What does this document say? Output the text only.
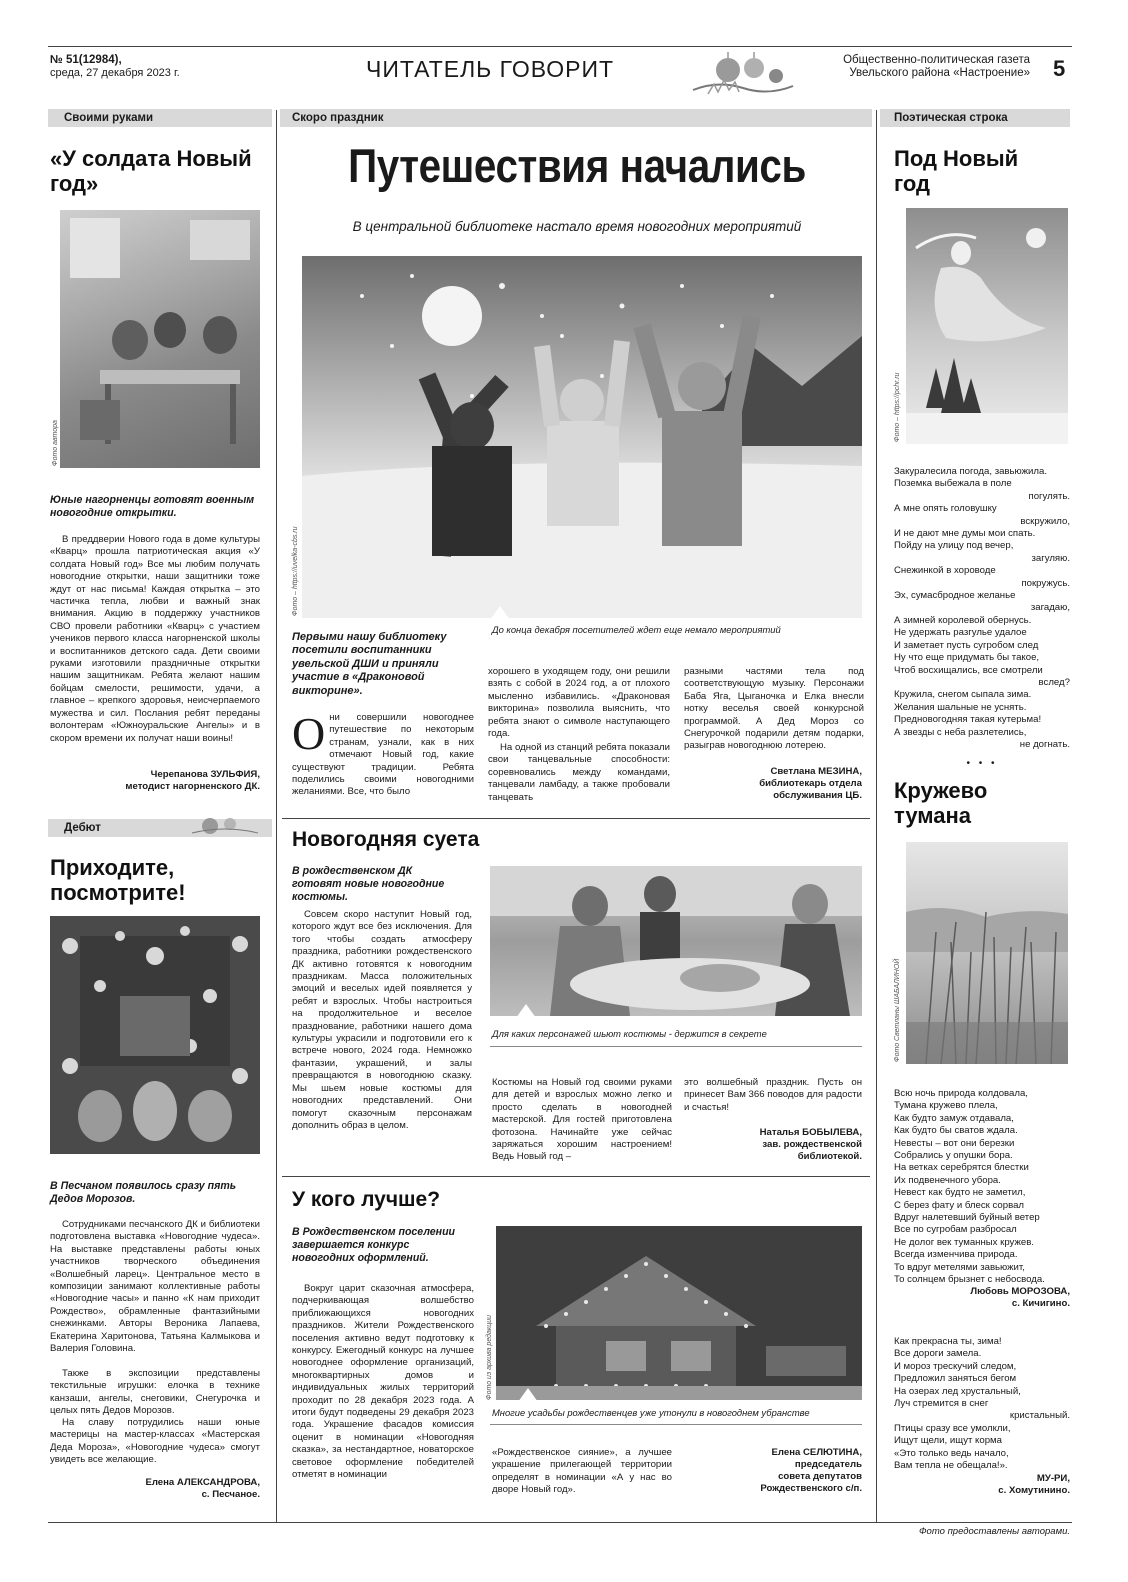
№ 51(12984),
среда, 27 декабря 2023 г.	ЧИТАТЕЛЬ ГОВОРИТ	Общественно-политическая газета
Увельского района «Настроение» 5
Своими руками
«У солдата Новый год»
Фото автора
Юные нагорненцы готовят военным новогодние открытки.

В преддверии Нового года в доме культуры «Кварц» прошла патриотическая акция «У солдата Новый год» Все мы любим получать новогодние открытки, наши защитники тоже ждут от нас письма! Каждая открытка – это частичка тепла, любви и важный знак внимания. Акцию в поддержку участников СВО провели работники «Кварц» с участием учеников первого класса нагорненской школы и воспитанников детского сада. Дети своими руками изготовили праздничные открытки нашим защитникам. Ребята желают нашим бойцам смелости, решимости, удачи, а главное – крепкого здоровья, неисчерпаемого мужества и сил. Послания ребят переданы волонтерам «Южноуральские Ангелы» и в скором времени их получат наши воины!

Черепанова ЗУЛЬФИЯ,
методист нагорненского ДК.
Дебют
Приходите, посмотрите!
В Песчаном появилось сразу пять Дедов Морозов.

Сотрудниками песчанского ДК и библиотеки подготовлена выставка «Новогодние чудеса». На выставке представлены работы юных участников творческого объединения «Волшебный ларец». Центральное место в композиции занимают коллективные работы «Новогодние часы» и панно «К нам приходит Рождество», обрамленные фантазийными снежинками. Авторы Вероника Лапаева, Екатерина Харитонова, Татьяна Калмыкова и Валерия Головина.

Также в экспозиции представлены текстильные игрушки: елочка в технике канзаши, ангелы, снеговики, Снегурочка и целых пять Дедов Морозов.

На славу потрудились наши юные мастерицы на мастер-классах «Мастерская Деда Мороза», «Новогодние чудеса» смогут увидеть все желающие.

Елена АЛЕКСАНДРОВА,
с. Песчаное.
Скоро праздник
Путешествия начались
В центральной библиотеке настало время новогодних мероприятий
Фото – https://uvelka-cbs.ru
До конца декабря посетителей ждет еще немало мероприятий
Первыми нашу библиотеку посетили воспитанники увельской ДШИ и приняли участие в «Драконовой викторине».
О ни совершили новогоднее путешествие по некоторым странам, узнали, как в них отмечают Новый год, какие существуют традиции. Ребята поделились своими новогодними желаниями. Все, что было

хорошего в уходящем году, они решили взять с собой в 2024 год, а от плохого мысленно избавились. «Драконовая викторина» позволила выяснить, что ребята знают о символе наступающего года.

На одной из станций ребята показали свои танцевальные способности: соревновались между командами, танцевали ламбаду, а также пробовали танцевать

разными частями тела под соответствующую музыку. Персонажи Баба Яга, Цыганочка и Елка внесли нотку веселья своей конкурсной программой. А Дед Мороз со Снегурочкой подарили детям подарки, разыграв новогоднюю лотерею.

Светлана МЕЗИНА,
библиотекарь отдела
обслуживания ЦБ.
Новогодняя суета
В рождественском ДК готовят новые новогодние костюмы.
Для каких персонажей шьют костюмы - держится в секрете

Совсем скоро наступит Новый год, которого ждут все без исключения. Для того чтобы создать атмосферу праздника, работники рождественского ДК активно готовятся к новогодним праздникам. Масса положительных эмоций и веселых идей появляется у ребят и взрослых. Чтобы настроиться на продолжительное и веселое празднование, работники нашего дома культуры украсили и подготовили его к встрече нового, 2024 года. Немножко фантазии, украшений, и залы превращаются в новогоднюю сказку. Мы шьем новые костюмы для новогодних представлений. Они помогут сказочным персонажам дополнить образ в целом.

Костюмы на Новый год своими руками для детей и взрослых можно легко и просто сделать в новогодней мастерской. Для гостей приготовлена фотозона. Начинайте уже сейчас заряжаться хорошим настроением! Ведь Новый год –

это волшебный праздник. Пусть он принесет Вам 366 поводов для радости и счастья!

Наталья БОБЫЛЕВА,
зав. рождественской
библиотекой.
У кого лучше?
В Рождественском поселении завершается конкурс новогодних оформлений.
Фото из архива редакции
Многие усадьбы рождественцев уже утонули в новогоднем убранстве

Вокруг царит сказочная атмосфера, подчеркивающая волшебство приближающихся новогодних праздников. Жители Рождественского поселения активно ведут подготовку к конкурсу. Ежегодный конкурс на лучшее новогоднее оформление организаций, многоквартирных домов и индивидуальных жилых территорий проходит по 28 декабря 2023 года. А итоги будут подведены 29 декабря 2023 года. Украшение фасадов комиссия оценит в номинации «Новогодняя сказка», за нестандартное, новаторское световое оформление победителей отметят в номинации

«Рождественское сияние», а лучшее украшение прилегающей территории определят в номинации «А у нас во дворе Новый год».

Елена СЕЛЮТИНА,
председатель
совета депутатов
Рождественского с/п.
Поэтическая строка
Под Новый год
Фото – https://pchr.ru

Закуралесила погода, завьюжила.

Поземка выбежала в поле

погулять.

А мне опять головушку

вскружило,

И не дают мне думы мои спать.

Пойду на улицу под вечер,

загуляю.

Снежинкой в хороводе

покружусь.

Эх, сумасбродное желанье

загадаю,

А зимней королевой обернусь.

Не удержать разгулье удалое

И заметает пусть сугробом след

Ну что еще придумать бы такое,

Чтоб восхищались, все смотрели

вслед?

Кружила, снегом сыпала зима.

Желания шальные не уснять.

Предновогодняя такая кутерьма!

А звезды с неба разлетелись,

не догнать.

• • •
Кружево тумана
Фото Светланы ШАБАЛИНОЙ

Всю ночь природа колдовала,

Тумана кружево плела,

Как будто замуж отдавала,

Как будто бы сватов ждала.

Невесты – вот они березки

Собрались у опушки бора.

На ветках серебрятся блестки

Их подвенечного убора.

Невест как будто не заметил,

С берез фату и блеск сорвал

Вдруг налетевший буйный ветер

Все по сугробам разбросал

Не долог век туманных кружев.

Всегда изменчива природа.

То вдруг метелями завьюжит,

То солнцем брызнет с небосвода.

Любовь МОРОЗОВА,
с. Кичигино.

Как прекрасна ты, зима!

Все дороги замела.

И мороз трескучий следом,

Предложил заняться бегом

На озерах лед хрустальный,

Луч стремится в снег

кристальный.

Птицы сразу все умолкли,

Ищут щели, ищут корма

«Это только ведь начало,

Вам тепла не обещала!».

МУ-РИ,
с. Хомутинино.
Фото предоставлены авторами.
